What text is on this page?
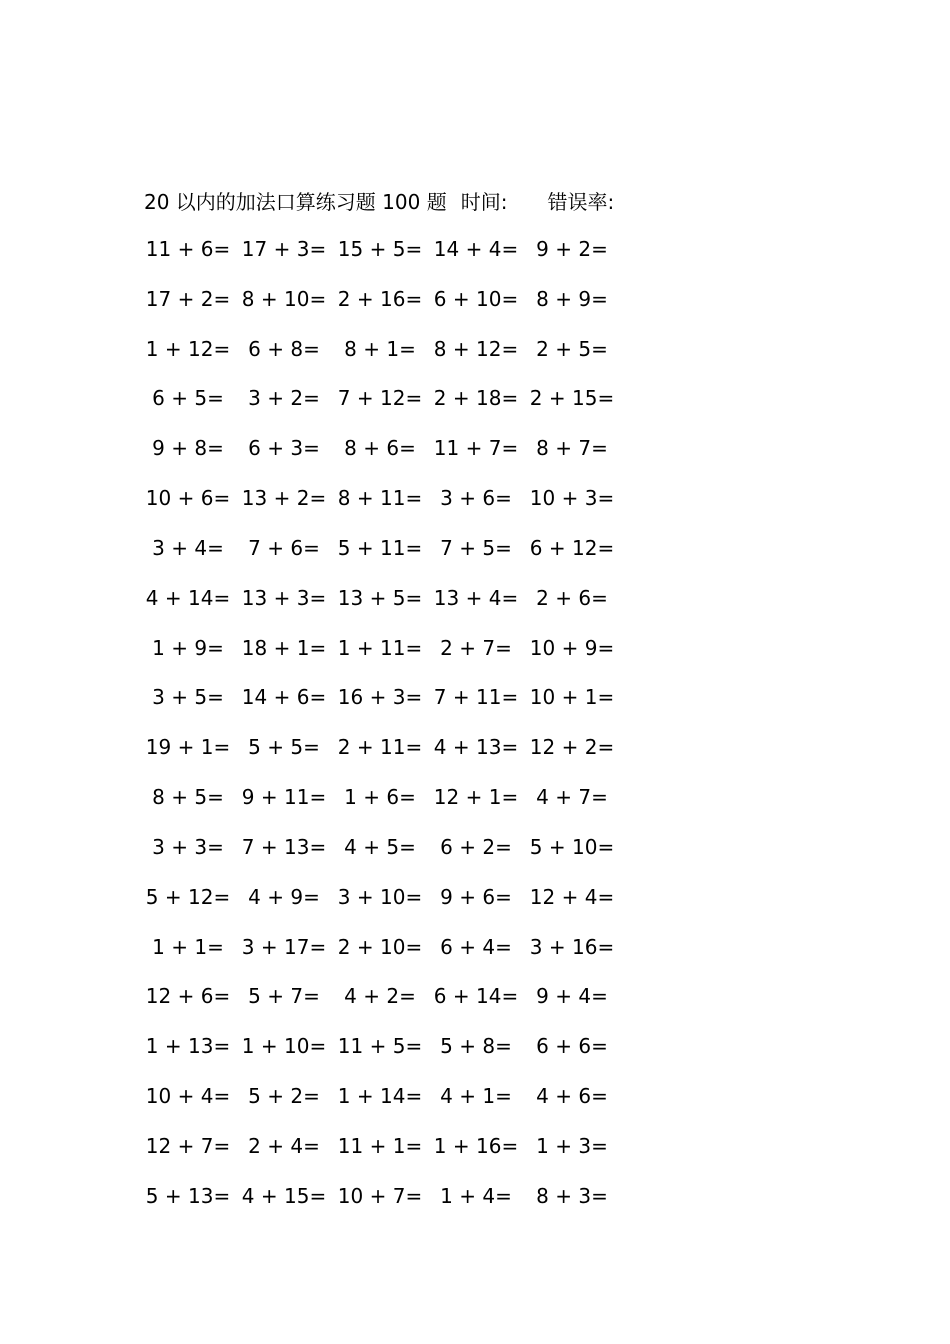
20 以内的加法口算练习题 100 题 时间: 错误率:
11 + 6= 17 + 3= 15 + 5= 14 + 4= 9 + 2=
17 + 2= 8 + 10= 2 + 16= 6 + 10= 8 + 9=
1 + 12= 6 + 8=	8 + 1= 8 + 12= 2 + 5=
6 + 5=	3 + 2= 7 + 12= 2 + 18= 2 + 15=
9 + 8=	6 + 3=	8 + 6= 11 + 7= 8 + 7=
10 + 6= 13 + 2= 8 + 11= 3 + 6= 10 + 3=
3 + 4=	7 + 6= 5 + 11= 7 + 5= 6 + 12=
4 + 14= 13 + 3= 13 + 5= 13 + 4= 2 + 6=
1 + 9= 18 + 1= 1 + 11= 2 + 7= 10 + 9=
3 + 5= 14 + 6= 16 + 3= 7 + 11= 10 + 1=
19 + 1= 5 + 5= 2 + 11= 4 + 13= 12 + 2=
8 + 5= 9 + 11= 1 + 6= 12 + 1= 4 + 7=
3 + 3= 7 + 13= 4 + 5=	6 + 2= 5 + 10=
5 + 12= 4 + 9= 3 + 10= 9 + 6= 12 + 4=
1 + 1= 3 + 17= 2 + 10= 6 + 4= 3 + 16=
12 + 6= 5 + 7=	4 + 2= 6 + 14= 9 + 4=
1 + 13= 1 + 10= 11 + 5= 5 + 8=	6 + 6=
10 + 4= 5 + 2= 1 + 14= 4 + 1=	4 + 6=
12 + 7= 2 + 4= 11 + 1= 1 + 16= 1 + 3=
5 + 13= 4 + 15= 10 + 7= 1 + 4=	8 + 3=
